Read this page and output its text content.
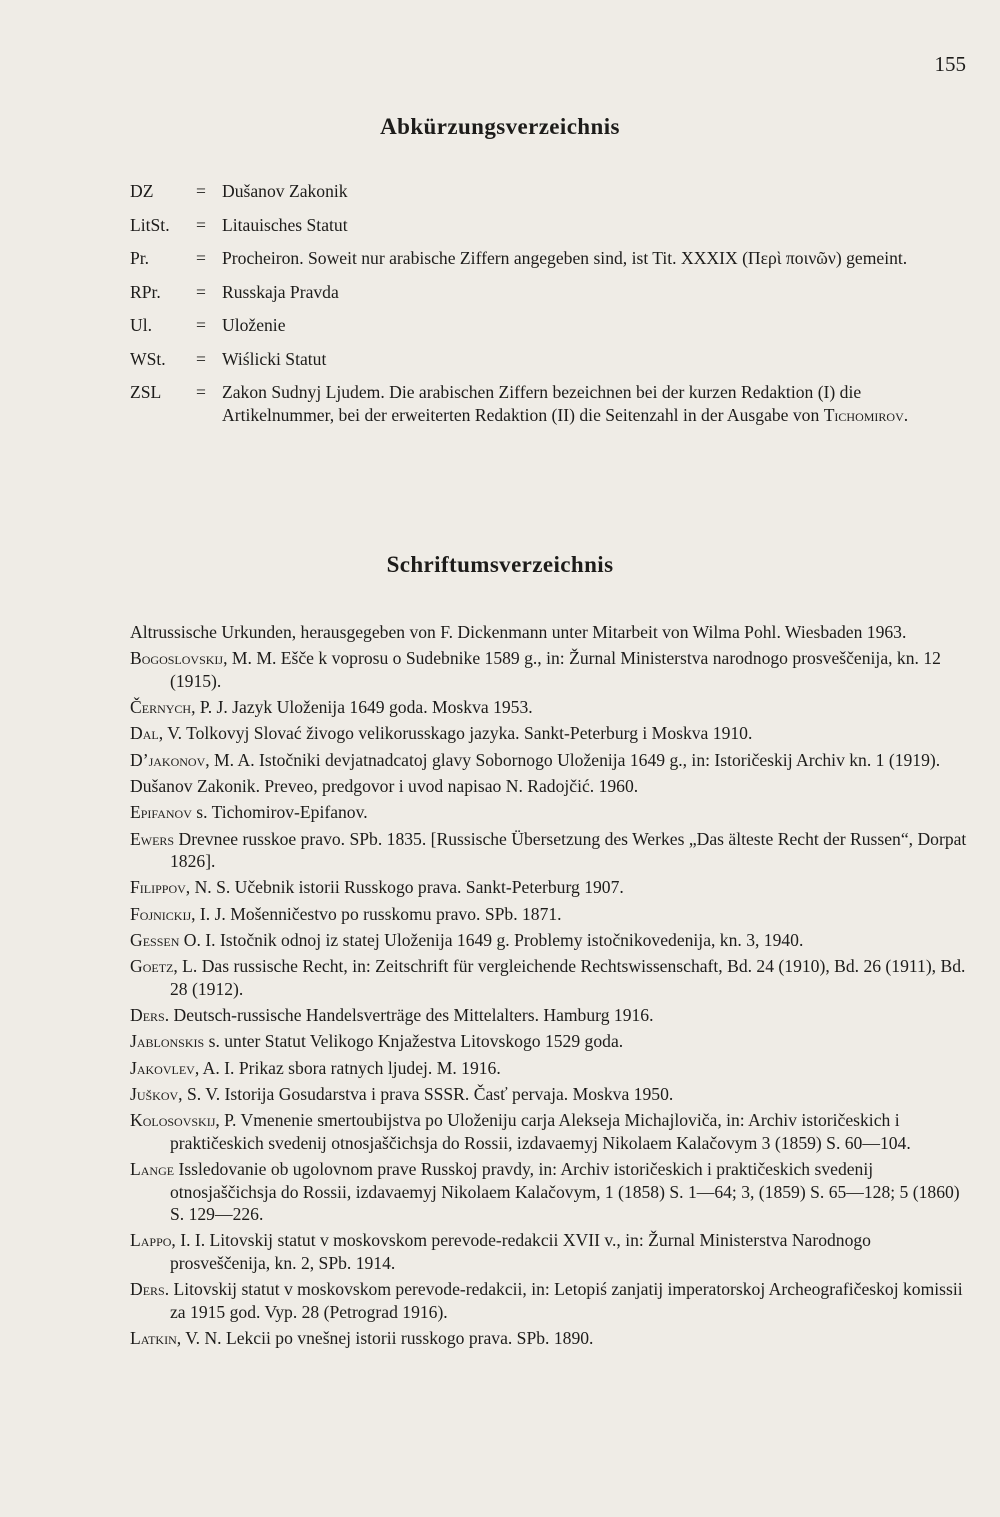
155
Abkürzungsverzeichnis
DZ	= Dušanov Zakonik
LitSt.	= Litauisches Statut
Pr.	= Procheiron. Soweit nur arabische Ziffern angegeben sind, ist Tit. XXXIX (Περὶ ποινῶν) gemeint.
RPr.	= Russkaja Pravda
Ul.	= Uloženie
WSt.	= Wiślicki Statut
ZSL	= Zakon Sudnyj Ljudem. Die arabischen Ziffern bezeichnen bei der kurzen Redaktion (I) die Artikelnummer, bei der erweiterten Redaktion (II) die Seitenzahl in der Ausgabe von Tichomirov.
Schriftumsverzeichnis
Altrussische Urkunden, herausgegeben von F. Dickenmann unter Mitarbeit von Wilma Pohl. Wiesbaden 1963.
Bogoslovskij, M. M. Ešče k voprosu o Sudebnike 1589 g., in: Žurnal Ministerstva narodnogo prosveščenija, kn. 12 (1915).
Černych, P. J. Jazyk Uloženija 1649 goda. Moskva 1953.
Dal, V. Tolkovyj Slovać živogo velikorusskago jazyka. Sankt-Peterburg i Moskva 1910.
D’jakonov, M. A. Istočniki devjatnadcatoj glavy Sobornogo Uloženija 1649 g., in: Istoričeskij Archiv kn. 1 (1919).
Dušanov Zakonik. Preveo, predgovor i uvod napisao N. Radojčić. 1960.
Epifanov s. Tichomirov-Epifanov.
Ewers Drevnee russkoe pravo. SPb. 1835. [Russische Übersetzung des Werkes „Das älteste Recht der Russen“, Dorpat 1826].
Filippov, N. S. Učebnik istorii Russkogo prava. Sankt-Peterburg 1907.
Fojnickij, I. J. Mošenničestvo po russkomu pravo. SPb. 1871.
Gessen O. I. Istočnik odnoj iz statej Uloženija 1649 g. Problemy istočnikovedenija, kn. 3, 1940.
Goetz, L. Das russische Recht, in: Zeitschrift für vergleichende Rechtswissenschaft, Bd. 24 (1910), Bd. 26 (1911), Bd. 28 (1912).
Ders. Deutsch-russische Handelsverträge des Mittelalters. Hamburg 1916.
Jablonskis s. unter Statut Velikogo Knjažestva Litovskogo 1529 goda.
Jakovlev, A. I. Prikaz sbora ratnych ljudej. M. 1916.
Juškov, S. V. Istorija Gosudarstva i prava SSSR. Časť pervaja. Moskva 1950.
Kolosovskij, P. Vmenenie smertoubijstva po Uloženiju carja Alekseja Michajloviča, in: Archiv istoričeskich i praktičeskich svedenij otnosjaščichsja do Rossii, izdavaemyj Nikolaem Kalačovym 3 (1859) S. 60—104.
Lange Issledovanie ob ugolovnom prave Russkoj pravdy, in: Archiv istoričeskich i praktičeskich svedenij otnosjaščichsja do Rossii, izdavaemyj Nikolaem Kalačovym, 1 (1858) S. 1—64; 3, (1859) S. 65—128; 5 (1860) S. 129—226.
Lappo, I. I. Litovskij statut v moskovskom perevode-redakcii XVII v., in: Žurnal Ministerstva Narodnogo prosveščenija, kn. 2, SPb. 1914.
Ders. Litovskij statut v moskovskom perevode-redakcii, in: Letopiś zanjatij imperatorskoj Archeografičeskoj komissii za 1915 god. Vyp. 28 (Petrograd 1916).
Latkin, V. N. Lekcii po vnešnej istorii russkogo prava. SPb. 1890.
